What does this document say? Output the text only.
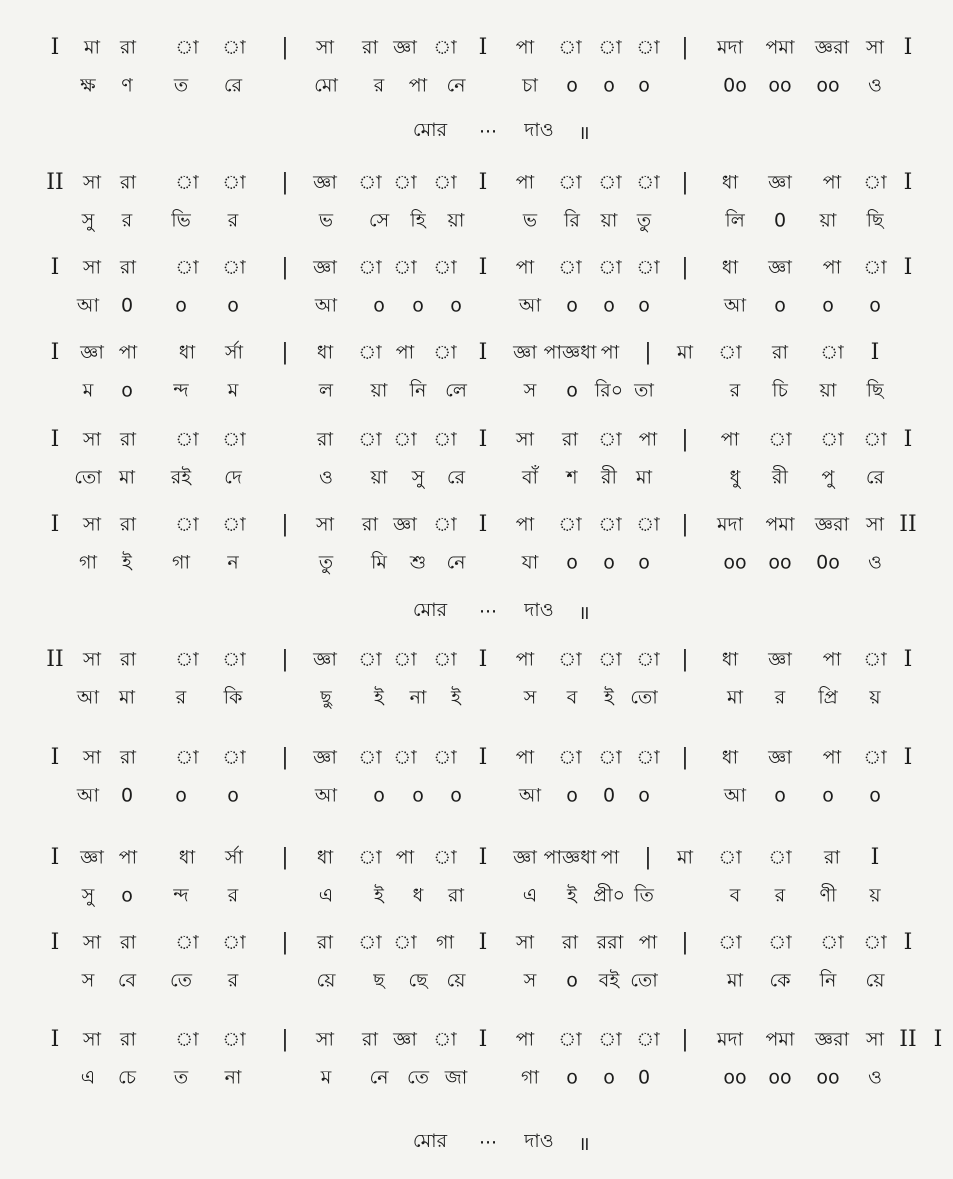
I মা রা া া | সা রা জ্ঞা া I পা া া া | মদা পমা জ্ঞরা সা I
ক্ষ ণ ত রে	মো র পা নে	চা o o o	0o oo oo ও
মোর ··· দাও ॥
II সা রা া া | জ্ঞা া া া I পা া া া | ধা জ্ঞা পা া I
সু র ভি র	ভ সে হি য়া	ভ রি য়া তু	লি 0 য়া ছি
I সা রা া া | জ্ঞা া া া I পা া া া | ধা জ্ঞা পা া I
আ 0 o o	আ o o o	আ o o o	আ o o o
I জ্ঞা পা ধা র্সা | ধা া পা া I জ্ঞা পাজ্ঞধা পা | মা া রা া I
ম o ন্দ ম	ল য়া নি লে	স o রি০ তা	র চি য়া ছি
I সা রা া া	রা া া া I সা রা া পা | পা া া া I
তো মা রই দে	ও য়া সু রে	বাঁ শ রী মা	ধু রী পু রে
I সা রা া া | সা রা জ্ঞা া I পা া া া | মদা পমা জ্ঞরা সা II
গা ই গা ন	তু মি শু নে	যা o o o	oo oo 0o ও
মোর ··· দাও ॥
II সা রা া া | জ্ঞা া া া I পা া া া | ধা জ্ঞা পা া I
আ মা র কি	ছু ই না ই	স ব ই তো	মা র প্রি য়
I সা রা া া | জ্ঞা া া া I পা া া া | ধা জ্ঞা পা া I
আ 0 o o	আ o o o	আ o 0 o	আ o o o
I জ্ঞা পা ধা র্সা | ধা া পা া I জ্ঞা পাজ্ঞধা পা | মা া া রা I
সু o ন্দ র	এ ই ধ রা	এ ই প্রী০ তি	ব র ণী য়
I সা রা া া | রা া া গা I সা রা ররা পা | া া া া I
স বে তে র	য়ে ছ ছে য়ে	স o বই তো	মা কে নি য়ে
I সা রা া া | সা রা জ্ঞা া I পা া া া | মদা পমা জ্ঞরা সা II I
এ চে ত না	ম নে তে জা	গা o o 0	oo oo oo ও
মোর ··· দাও ॥
